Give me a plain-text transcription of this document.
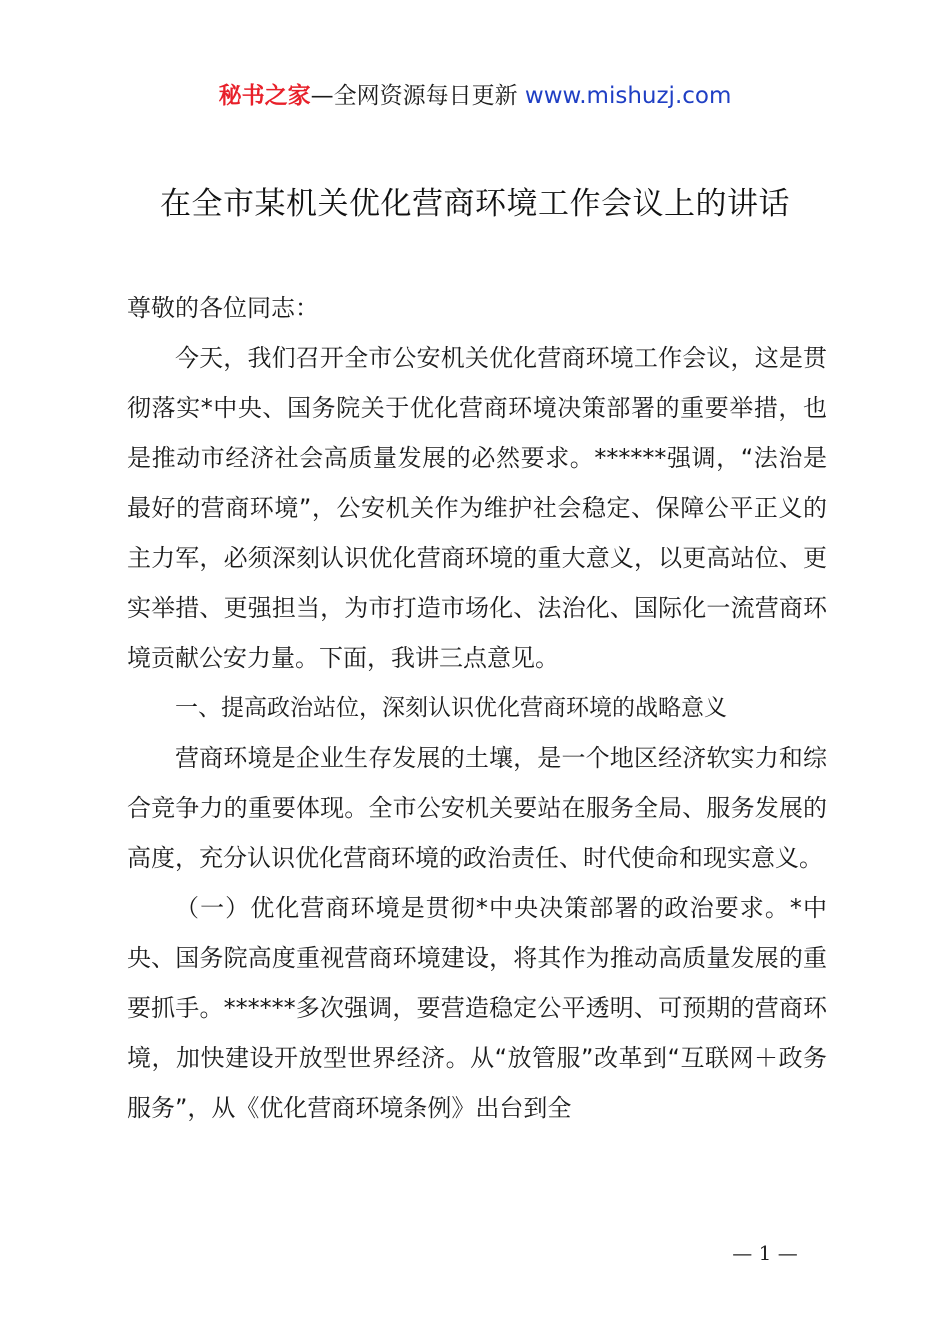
秘书之家—全网资源每日更新 www.mishuzj.com
在全市某机关优化营商环境工作会议上的讲话

尊敬的各位同志：

今天，我们召开全市公安机关优化营商环境工作会议，这是贯彻落实*中央、国务院关于优化营商环境决策部署的重要举措，也是推动市经济社会高质量发展的必然要求。******强调，“法治是最好的营商环境”，公安机关作为维护社会稳定、保障公平正义的主力军，必须深刻认识优化营商环境的重大意义，以更高站位、更实举措、更强担当，为市打造市场化、法治化、国际化一流营商环境贡献公安力量。下面，我讲三点意见。

一、提高政治站位，深刻认识优化营商环境的战略意义

营商环境是企业生存发展的土壤，是一个地区经济软实力和综合竞争力的重要体现。全市公安机关要站在服务全局、服务发展的高度，充分认识优化营商环境的政治责任、时代使命和现实意义。

（一）优化营商环境是贯彻*中央决策部署的政治要求。*中央、国务院高度重视营商环境建设，将其作为推动高质量发展的重要抓手。******多次强调，要营造稳定公平透明、可预期的营商环境，加快建设开放型世界经济。从“放管服”改革到“互联网＋政务服务”，从《优化营商环境条例》出台到全

— 1 —
